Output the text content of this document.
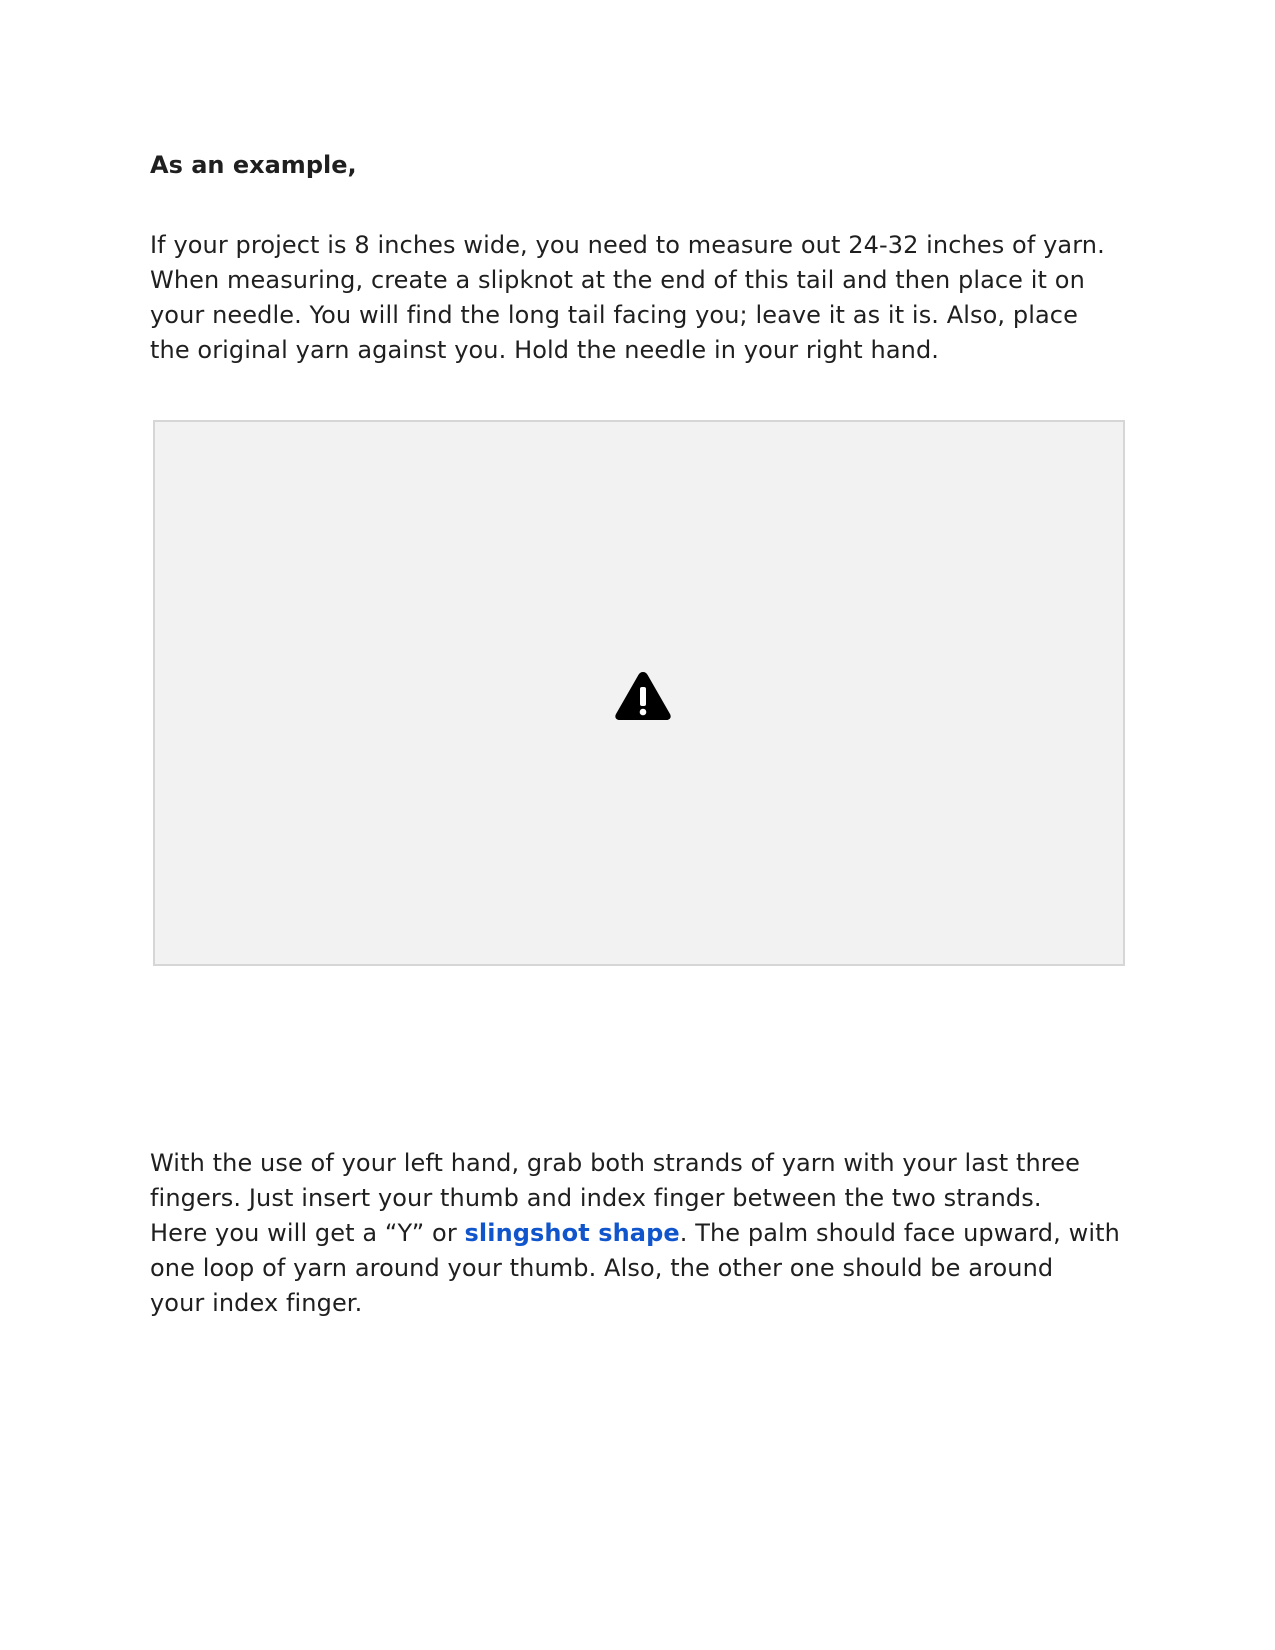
As an example,
If your project is 8 inches wide, you need to measure out 24-32 inches of yarn.
When measuring, create a slipknot at the end of this tail and then place it on
your needle. You will find the long tail facing you; leave it as it is. Also, place
the original yarn against you. Hold the needle in your right hand.
With the use of your left hand, grab both strands of yarn with your last three
fingers. Just insert your thumb and index finger between the two strands.
Here you will get a “Y” or slingshot shape. The palm should face upward, with
one loop of yarn around your thumb. Also, the other one should be around
your index finger.
